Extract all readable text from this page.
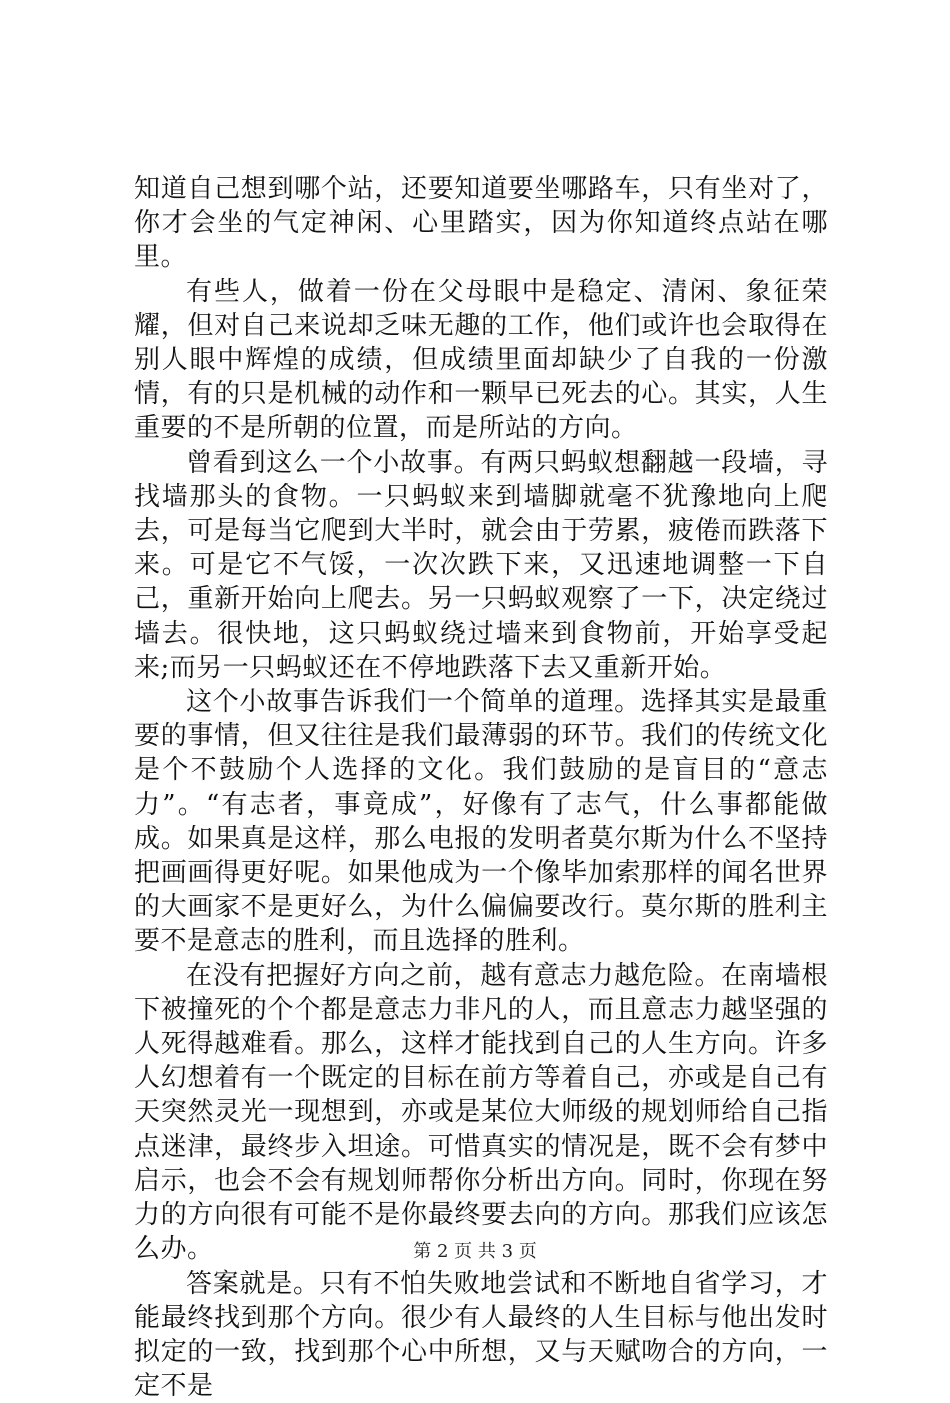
知道自己想到哪个站，还要知道要坐哪路车，只有坐对了，你才会坐的气定神闲、心里踏实，因为你知道终点站在哪里。

有些人，做着一份在父母眼中是稳定、清闲、象征荣耀，但对自己来说却乏味无趣的工作，他们或许也会取得在别人眼中辉煌的成绩，但成绩里面却缺少了自我的一份激情，有的只是机械的动作和一颗早已死去的心。其实，人生重要的不是所朝的位置，而是所站的方向。

曾看到这么一个小故事。有两只蚂蚁想翻越一段墙，寻找墙那头的食物。一只蚂蚁来到墙脚就毫不犹豫地向上爬去，可是每当它爬到大半时，就会由于劳累，疲倦而跌落下来。可是它不气馁，一次次跌下来，又迅速地调整一下自己，重新开始向上爬去。另一只蚂蚁观察了一下，决定绕过墙去。很快地，这只蚂蚁绕过墙来到食物前，开始享受起来;而另一只蚂蚁还在不停地跌落下去又重新开始。

这个小故事告诉我们一个简单的道理。选择其实是最重要的事情，但又往往是我们最薄弱的环节。我们的传统文化是个不鼓励个人选择的文化。我们鼓励的是盲目的“意志力”。“有志者，事竟成”，好像有了志气，什么事都能做成。如果真是这样，那么电报的发明者莫尔斯为什么不坚持把画画得更好呢。如果他成为一个像毕加索那样的闻名世界的大画家不是更好么，为什么偏偏要改行。莫尔斯的胜利主要不是意志的胜利，而且选择的胜利。

在没有把握好方向之前，越有意志力越危险。在南墙根下被撞死的个个都是意志力非凡的人，而且意志力越坚强的人死得越难看。那么，这样才能找到自己的人生方向。许多人幻想着有一个既定的目标在前方等着自己，亦或是自己有天突然灵光一现想到，亦或是某位大师级的规划师给自己指点迷津，最终步入坦途。可惜真实的情况是，既不会有梦中启示，也会不会有规划师帮你分析出方向。同时，你现在努力的方向很有可能不是你最终要去向的方向。那我们应该怎么办。

答案就是。只有不怕失败地尝试和不断地自省学习，才能最终找到那个方向。很少有人最终的人生目标与他出发时拟定的一致，找到那个心中所想，又与天赋吻合的方向，一定不是

第 2 页 共 3 页
